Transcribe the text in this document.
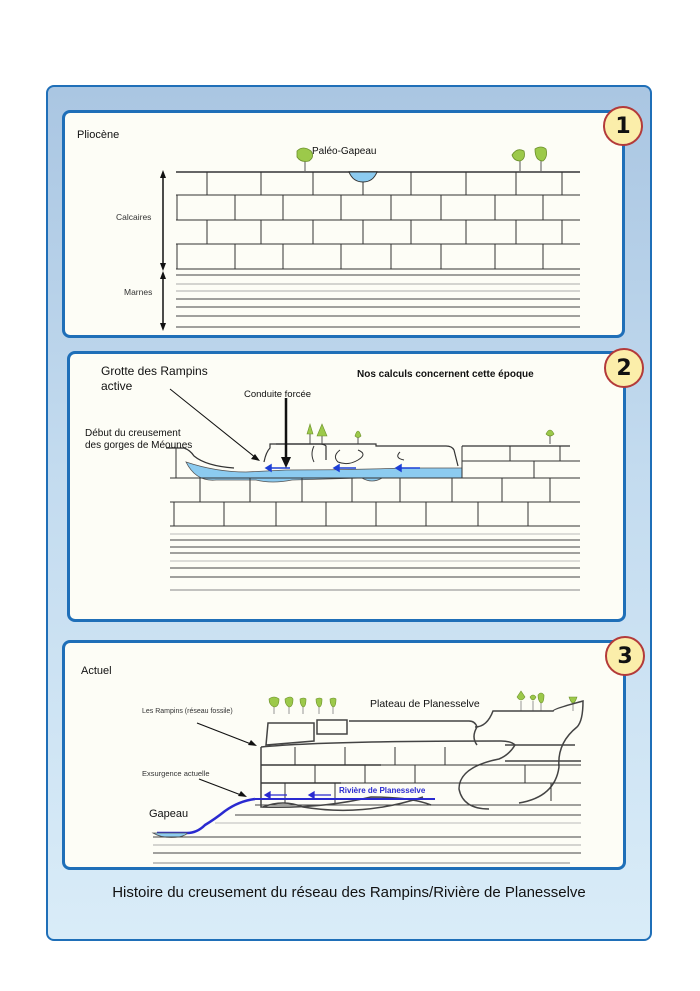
Pliocène
Paléo-Gapeau
Calcaires
Marnes
1
Grotte des Rampins
active
Conduite forcée
Début du creusement
des gorges de Méounes
Nos calculs concernent cette époque	2
Actuel
Les Rampins (réseau fossile)
Plateau de Planesselve
Exsurgence actuelle
Rivière de Planesselve
Gapeau
3
Histoire du creusement du réseau des Rampins/Rivière de Planesselve
